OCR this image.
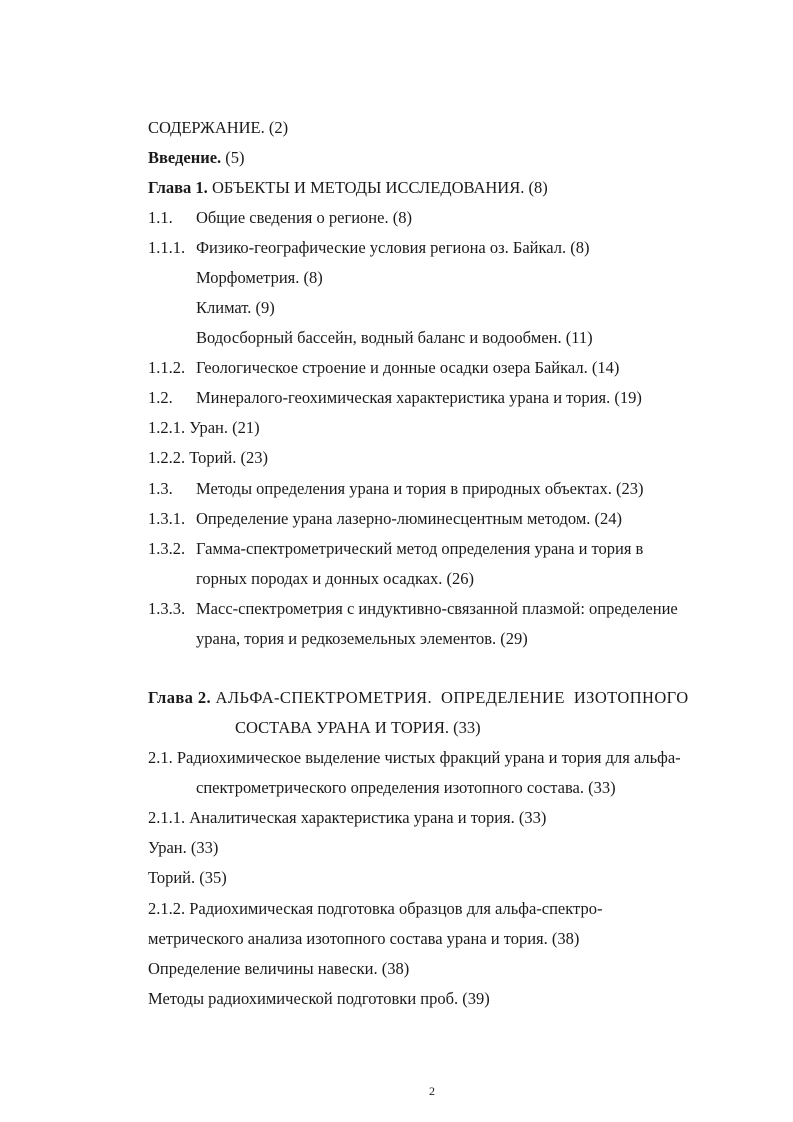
СОДЕРЖАНИЕ. (2)
Введение. (5)
Глава 1. ОБЪЕКТЫ И МЕТОДЫ ИССЛЕДОВАНИЯ. (8)
1.1. Общие сведения о регионе. (8)
1.1.1. Физико-географические условия региона оз. Байкал. (8)
Морфометрия. (8)
Климат. (9)
Водосборный бассейн, водный баланс и водообмен. (11)
1.1.2. Геологическое строение и донные осадки озера Байкал. (14)
1.2. Минералого-геохимическая характеристика урана и тория. (19)
1.2.1. Уран. (21)
1.2.2. Торий. (23)
1.3. Методы определения урана и тория в природных объектах. (23)
1.3.1. Определение урана лазерно-люминесцентным методом. (24)
1.3.2. Гамма-спектрометрический метод определения урана и тория в
горных породах и донных осадках. (26)
1.3.3. Масс-спектрометрия с индуктивно-связанной плазмой: определение
урана, тория и редкоземельных элементов. (29)
Глава 2. АЛЬФА-СПЕКТРОМЕТРИЯ.  ОПРЕДЕЛЕНИЕ  ИЗОТОПНОГО
СОСТАВА УРАНА И ТОРИЯ. (33)
2.1. Радиохимическое выделение чистых фракций урана и тория для альфа-
спектрометрического определения изотопного состава. (33)
2.1.1. Аналитическая характеристика урана и тория. (33)
Уран. (33)
Торий. (35)
2.1.2. Радиохимическая подготовка образцов для альфа-спектро-
метрического анализа изотопного состава урана и тория. (38)
Определение величины навески. (38)
Методы радиохимической подготовки проб. (39)
2
